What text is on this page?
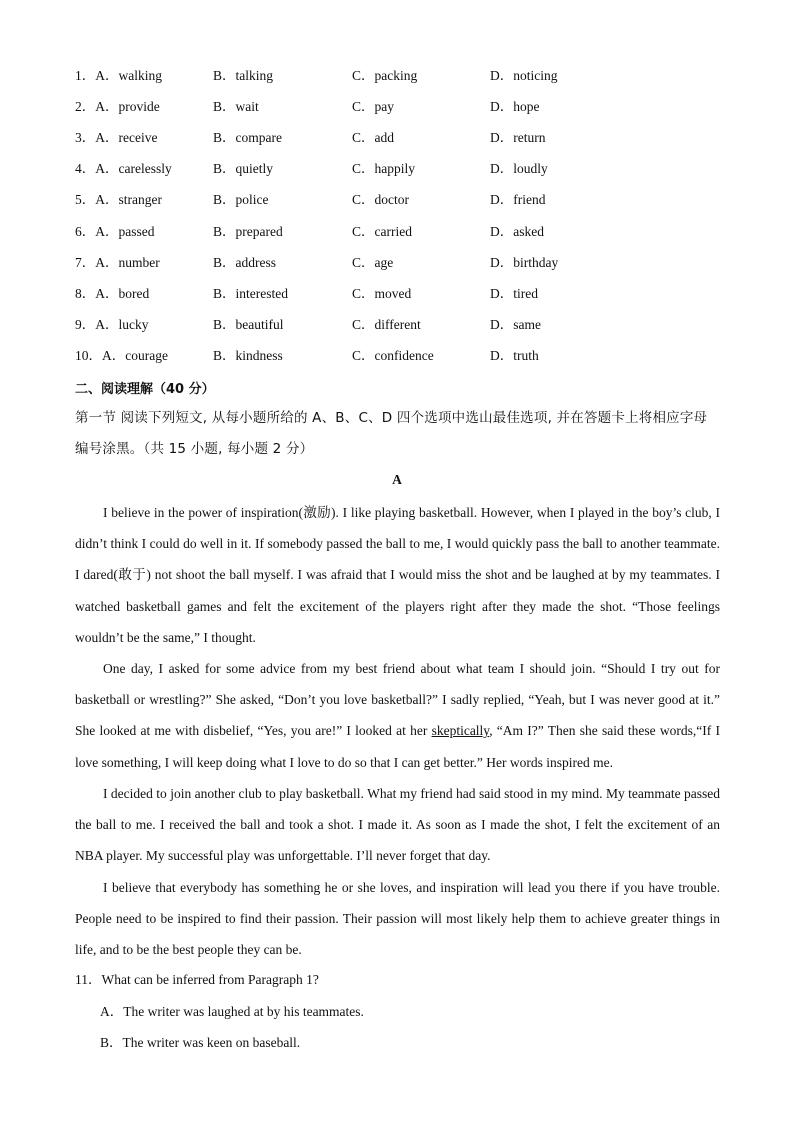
1．A．walking	B．talking	C．packing	D．noticing
2．A．provide	B．wait	C．pay	D．hope
3．A．receive	B．compare	C．add	D．return
4．A．carelessly	B．quietly	C．happily	D．loudly
5．A．stranger	B．police	C．doctor	D．friend
6．A．passed	B．prepared	C．carried	D．asked
7．A．number	B．address	C．age	D．birthday
8．A．bored	B．interested	C．moved	D．tired
9．A．lucky	B．beautiful	C．different	D．same
10．A．courage	B．kindness	C．confidence	D．truth
二、阅读理解（40 分）
第一节 阅读下列短文, 从每小题所给的 A、B、C、D 四个选项中选山最佳选项, 并在答题卡上将相应字母编号涂黑。（共 15 小题, 每小题 2 分）
A

I believe in the power of inspiration(激励). I like playing basketball. However, when I played in the boy’s club, I didn’t think I could do well in it. If somebody passed the ball to me, I would quickly pass the ball to another teammate. I dared(敢于) not shoot the ball myself. I was afraid that I would miss the shot and be laughed at by my teammates. I watched basketball games and felt the excitement of the players right after they made the shot. “Those feelings wouldn’t be the same,” I thought.

One day, I asked for some advice from my best friend about what team I should join. “Should I try out for basketball or wrestling?” She asked, “Don’t you love basketball?” I sadly replied, “Yeah, but I was never good at it.” She looked at me with disbelief, “Yes, you are!” I looked at her skeptically, “Am I?” Then she said these words,“If I love something, I will keep doing what I love to do so that I can get better.” Her words inspired me.

I decided to join another club to play basketball. What my friend had said stood in my mind. My teammate passed the ball to me. I received the ball and took a shot. I made it. As soon as I made the shot, I felt the excitement of an NBA player. My successful play was unforgettable. I’ll never forget that day.

I believe that everybody has something he or she loves, and inspiration will lead you there if you have trouble. People need to be inspired to find their passion. Their passion will most likely help them to achieve greater things in life, and to be the best people they can be.

11．What can be inferred from Paragraph 1?
A．The writer was laughed at by his teammates.
B．The writer was keen on baseball.
